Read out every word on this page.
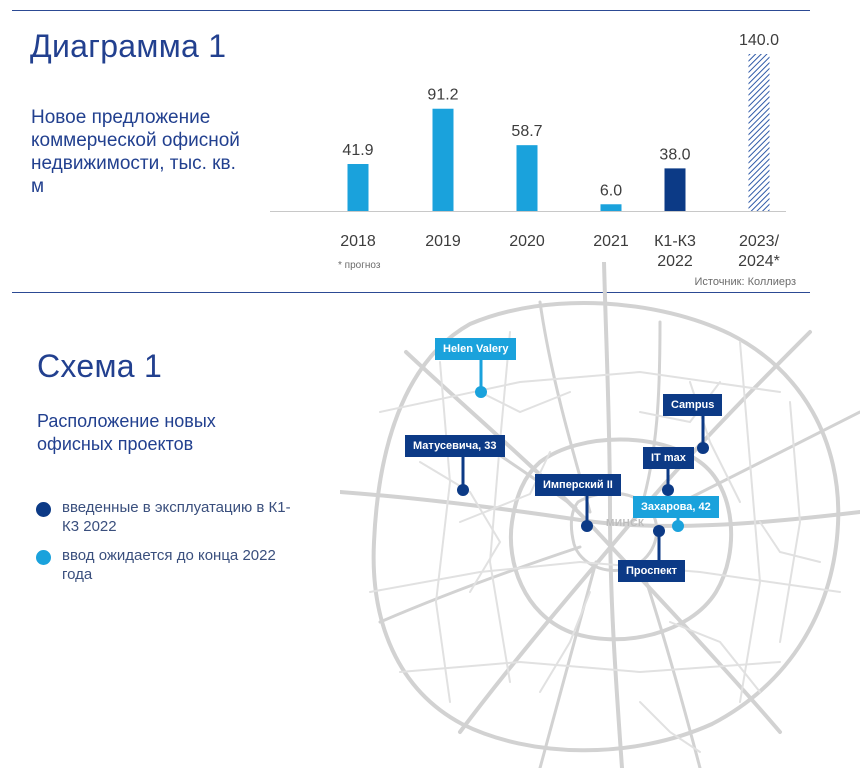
Диаграмма 1
Новое предложение коммерческой офисной недвижимости, тыс. кв. м
41.9
2018
91.2
2019
58.7
2020
6.0
2021
38.0
К1-К3 2022
140.0
2023/ 2024*
* прогноз
Источник: Коллиерз
Схема 1
Расположение новых офисных проектов
введенные в эксплуатацию в К1-К3 2022
ввод ожидается до конца 2022 года
МИНСК
Helen Valery
Campus
Матусевича, 33
IT max
Имперский II
Захарова, 42
Проспект
